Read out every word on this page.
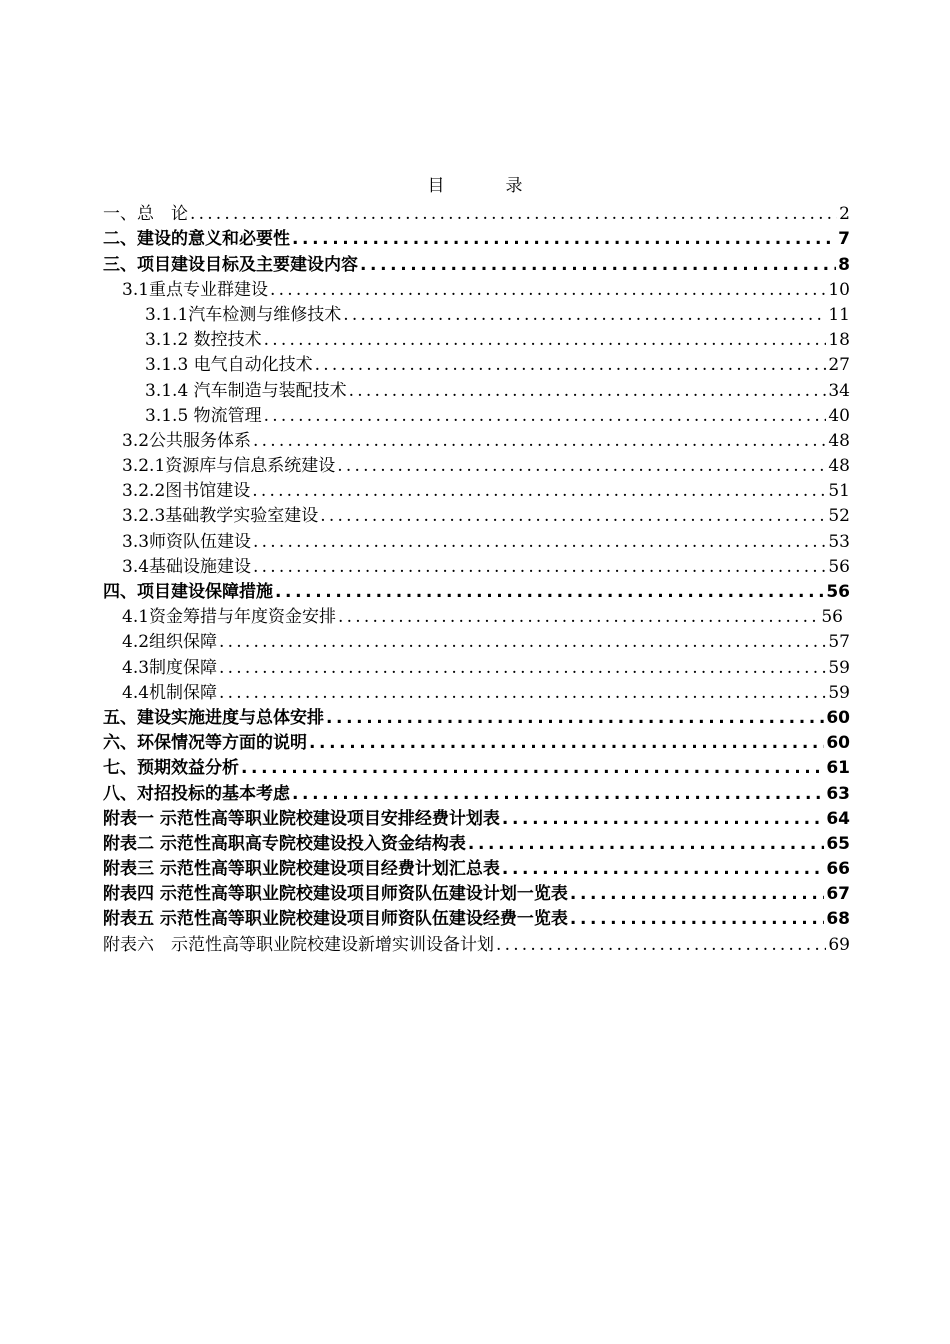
目　录
一、总　论 .....	2
二、建设的意义和必要性 .....	7
三、项目建设目标及主要建设内容 .....	8
3.1重点专业群建设 .....	10
3.1.1汽车检测与维修技术 .....	11
3.1.2 数控技术 .....	18
3.1.3 电气自动化技术 .....	27
3.1.4 汽车制造与装配技术 .....	34
3.1.5 物流管理 .....	40
3.2公共服务体系 .....	48
3.2.1资源库与信息系统建设 .....	48
3.2.2图书馆建设 .....	51
3.2.3基础教学实验室建设 .....	52
3.3师资队伍建设 .....	53
3.4基础设施建设 .....	56
四、项目建设保障措施 .....	56
4.1资金筹措与年度资金安排 .....	56
4.2组织保障 .....	57
4.3制度保障 .....	59
4.4机制保障 .....	59
五、建设实施进度与总体安排 .....	60
六、环保情况等方面的说明 .....	60
七、预期效益分析 .....	61
八、对招投标的基本考虑 .....	63
附表一 示范性高等职业院校建设项目安排经费计划表 .....	64
附表二 示范性高职高专院校建设投入资金结构表 .....	65
附表三 示范性高等职业院校建设项目经费计划汇总表 .....	66
附表四 示范性高等职业院校建设项目师资队伍建设计划一览表 .....	67
附表五 示范性高等职业院校建设项目师资队伍建设经费一览表 .....	68
附表六　示范性高等职业院校建设新增实训设备计划 .....	69
